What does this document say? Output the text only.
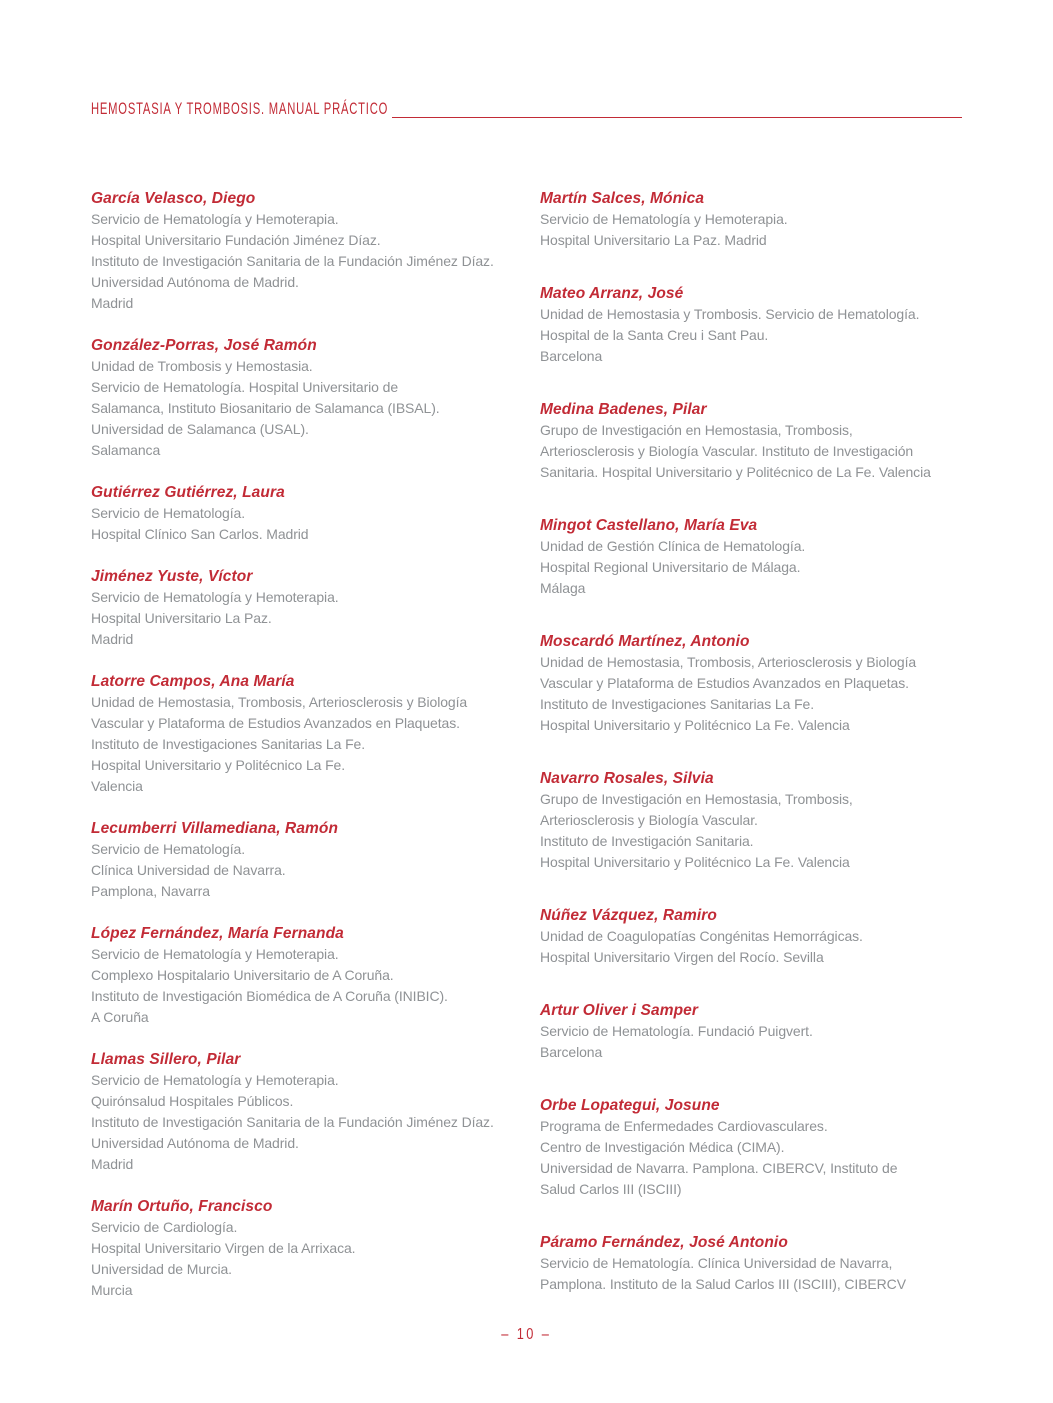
HEMOSTASIA Y TROMBOSIS. MANUAL PRÁCTICO
García Velasco, Diego
Servicio de Hematología y Hemoterapia.
Hospital Universitario Fundación Jiménez Díaz.
Instituto de Investigación Sanitaria de la Fundación Jiménez Díaz.
Universidad Autónoma de Madrid.
Madrid
González-Porras, José Ramón
Unidad de Trombosis y Hemostasia.
Servicio de Hematología. Hospital Universitario de
Salamanca, Instituto Biosanitario de Salamanca (IBSAL).
Universidad de Salamanca (USAL).
Salamanca
Gutiérrez Gutiérrez, Laura
Servicio de Hematología.
Hospital Clínico San Carlos. Madrid
Jiménez Yuste, Víctor
Servicio de Hematología y Hemoterapia.
Hospital Universitario La Paz.
Madrid
Latorre Campos, Ana María
Unidad de Hemostasia, Trombosis, Arteriosclerosis y Biología
Vascular y Plataforma de Estudios Avanzados en Plaquetas.
Instituto de Investigaciones Sanitarias La Fe.
Hospital Universitario y Politécnico La Fe.
Valencia
Lecumberri Villamediana, Ramón
Servicio de Hematología.
Clínica Universidad de Navarra.
Pamplona, Navarra
López Fernández, María Fernanda
Servicio de Hematología y Hemoterapia.
Complexo Hospitalario Universitario de A Coruña.
Instituto de Investigación Biomédica de A Coruña (INIBIC).
A Coruña
Llamas Sillero, Pilar
Servicio de Hematología y Hemoterapia.
Quirónsalud Hospitales Públicos.
Instituto de Investigación Sanitaria de la Fundación Jiménez Díaz.
Universidad Autónoma de Madrid.
Madrid
Marín Ortuño, Francisco
Servicio de Cardiología.
Hospital Universitario Virgen de la Arrixaca.
Universidad de Murcia.
Murcia
Martín Salces, Mónica
Servicio de Hematología y Hemoterapia.
Hospital Universitario La Paz. Madrid
Mateo Arranz, José
Unidad de Hemostasia y Trombosis. Servicio de Hematología.
Hospital de la Santa Creu i Sant Pau.
Barcelona
Medina Badenes, Pilar
Grupo de Investigación en Hemostasia, Trombosis,
Arteriosclerosis y Biología Vascular. Instituto de Investigación
Sanitaria. Hospital Universitario y Politécnico de La Fe. Valencia
Mingot Castellano, María Eva
Unidad de Gestión Clínica de Hematología.
Hospital Regional Universitario de Málaga.
Málaga
Moscardó Martínez, Antonio
Unidad de Hemostasia, Trombosis, Arteriosclerosis y Biología
Vascular y Plataforma de Estudios Avanzados en Plaquetas.
Instituto de Investigaciones Sanitarias La Fe.
Hospital Universitario y Politécnico La Fe. Valencia
Navarro Rosales, Silvia
Grupo de Investigación en Hemostasia, Trombosis,
Arteriosclerosis y Biología Vascular.
Instituto de Investigación Sanitaria.
Hospital Universitario y Politécnico La Fe. Valencia
Núñez Vázquez, Ramiro
Unidad de Coagulopatías Congénitas Hemorrágicas.
Hospital Universitario Virgen del Rocío. Sevilla
Artur Oliver i Samper
Servicio de Hematología. Fundació Puigvert.
Barcelona
Orbe Lopategui, Josune
Programa de Enfermedades Cardiovasculares.
Centro de Investigación Médica (CIMA).
Universidad de Navarra. Pamplona. CIBERCV, Instituto de
Salud Carlos III (ISCIII)
Páramo Fernández, José Antonio
Servicio de Hematología. Clínica Universidad de Navarra,
Pamplona. Instituto de la Salud Carlos III (ISCIII), CIBERCV
– 10 –
